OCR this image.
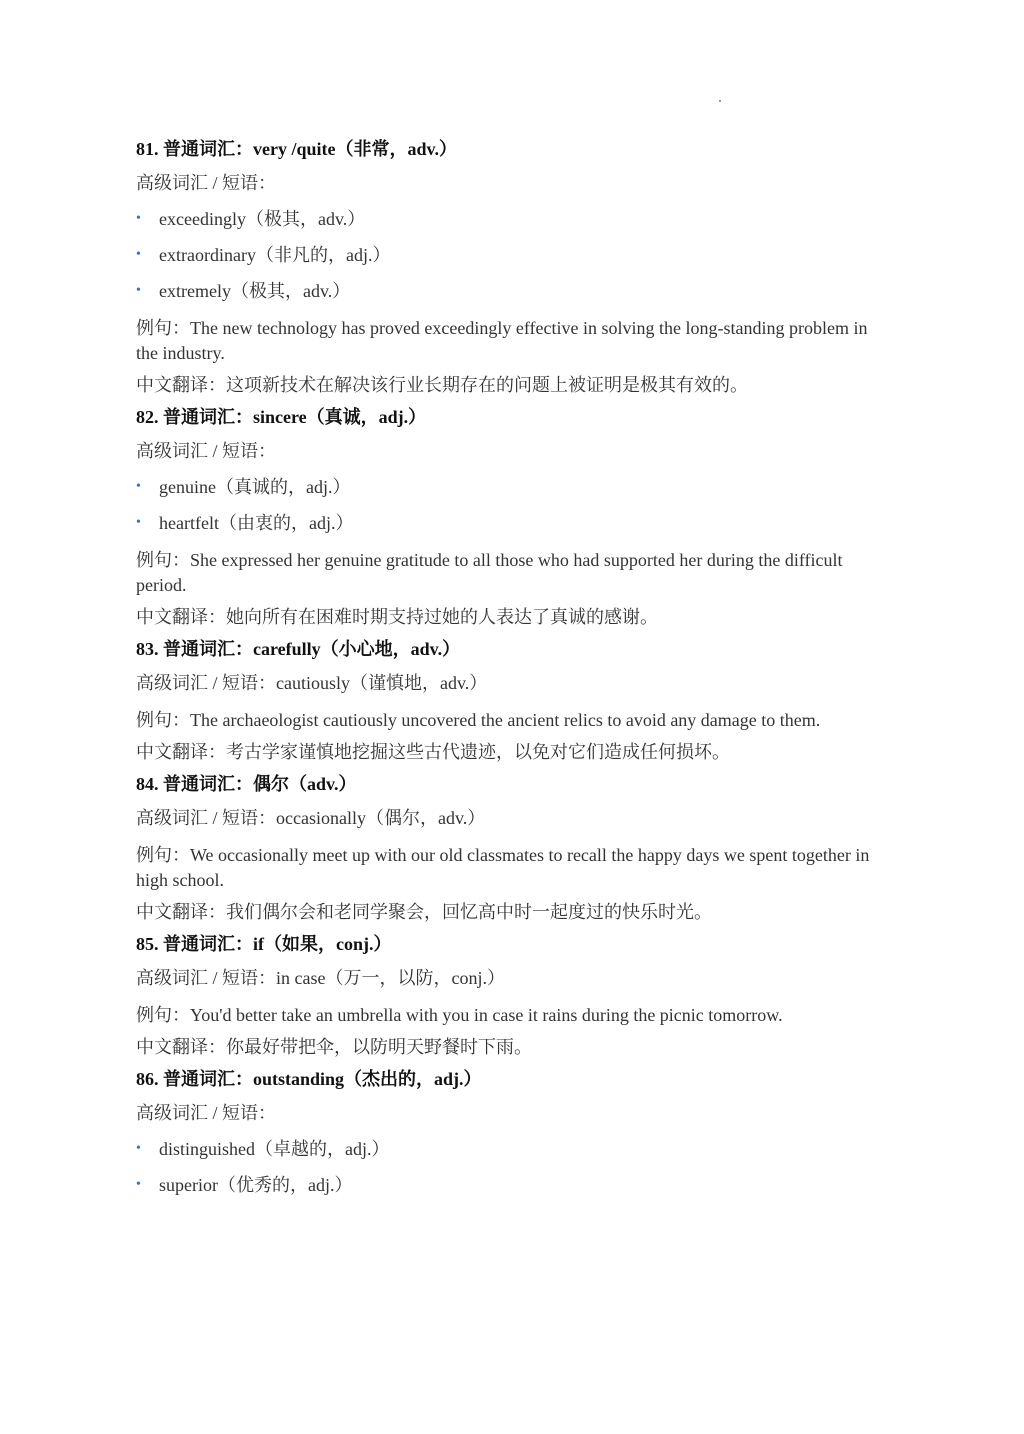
81. 普通词汇：very /quite（非常，adv.）
高级词汇 / 短语：
• exceedingly（极其，adv.）
• extraordinary（非凡的，adj.）
• extremely（极其，adv.）
例句：The new technology has proved exceedingly effective in solving the long-standing problem in the industry.
中文翻译：这项新技术在解决该行业长期存在的问题上被证明是极其有效的。
82. 普通词汇：sincere（真诚，adj.）
高级词汇 / 短语：
• genuine（真诚的，adj.）
• heartfelt（由衷的，adj.）
例句：She expressed her genuine gratitude to all those who had supported her during the difficult period.
中文翻译：她向所有在困难时期支持过她的人表达了真诚的感谢。
83. 普通词汇：carefully（小心地，adv.）
高级词汇 / 短语：cautiously（谨慎地，adv.）
例句：The archaeologist cautiously uncovered the ancient relics to avoid any damage to them.
中文翻译：考古学家谨慎地挖掘这些古代遗迹，以免对它们造成任何损坏。
84. 普通词汇：偶尔（adv.）
高级词汇 / 短语：occasionally（偶尔，adv.）
例句：We occasionally meet up with our old classmates to recall the happy days we spent together in high school.
中文翻译：我们偶尔会和老同学聚会，回忆高中时一起度过的快乐时光。
85. 普通词汇：if（如果，conj.）
高级词汇 / 短语：in case（万一，以防，conj.）
例句：You'd better take an umbrella with you in case it rains during the picnic tomorrow.
中文翻译：你最好带把伞，以防明天野餐时下雨。
86. 普通词汇：outstanding（杰出的，adj.）
高级词汇 / 短语：
• distinguished（卓越的，adj.）
• superior（优秀的，adj.）
